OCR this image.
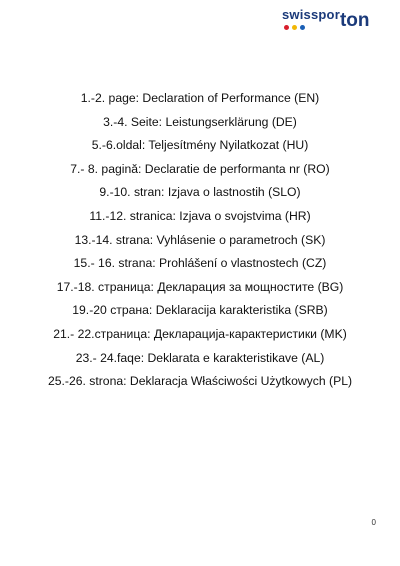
$^{swisspor}$ton
1.-2. page: Declaration of Performance (EN)
3.-4. Seite: Leistungserklärung (DE)
5.-6.oldal: Teljesítmény Nyilatkozat (HU)
7.- 8. pagină: Declaratie de performanta nr (RO)
9.-10. stran: Izjava o lastnostih (SLO)
11.-12. stranica: Izjava o svojstvima (HR)
13.-14. strana: Vyhlásenie o parametroch (SK)
15.- 16. strana: Prohlášení o vlastnostech (CZ)
17.-18. страница: Декларация за мощностите (BG)
19.-20 страна: Deklaracija karakteristika (SRB)
21.- 22.страница: Декларација-карактеристики (MK)
23.- 24.faqe: Deklarata e karakteristikave (AL)
25.-26. strona: Deklaracja Właściwości Użytkowych (PL)
0
